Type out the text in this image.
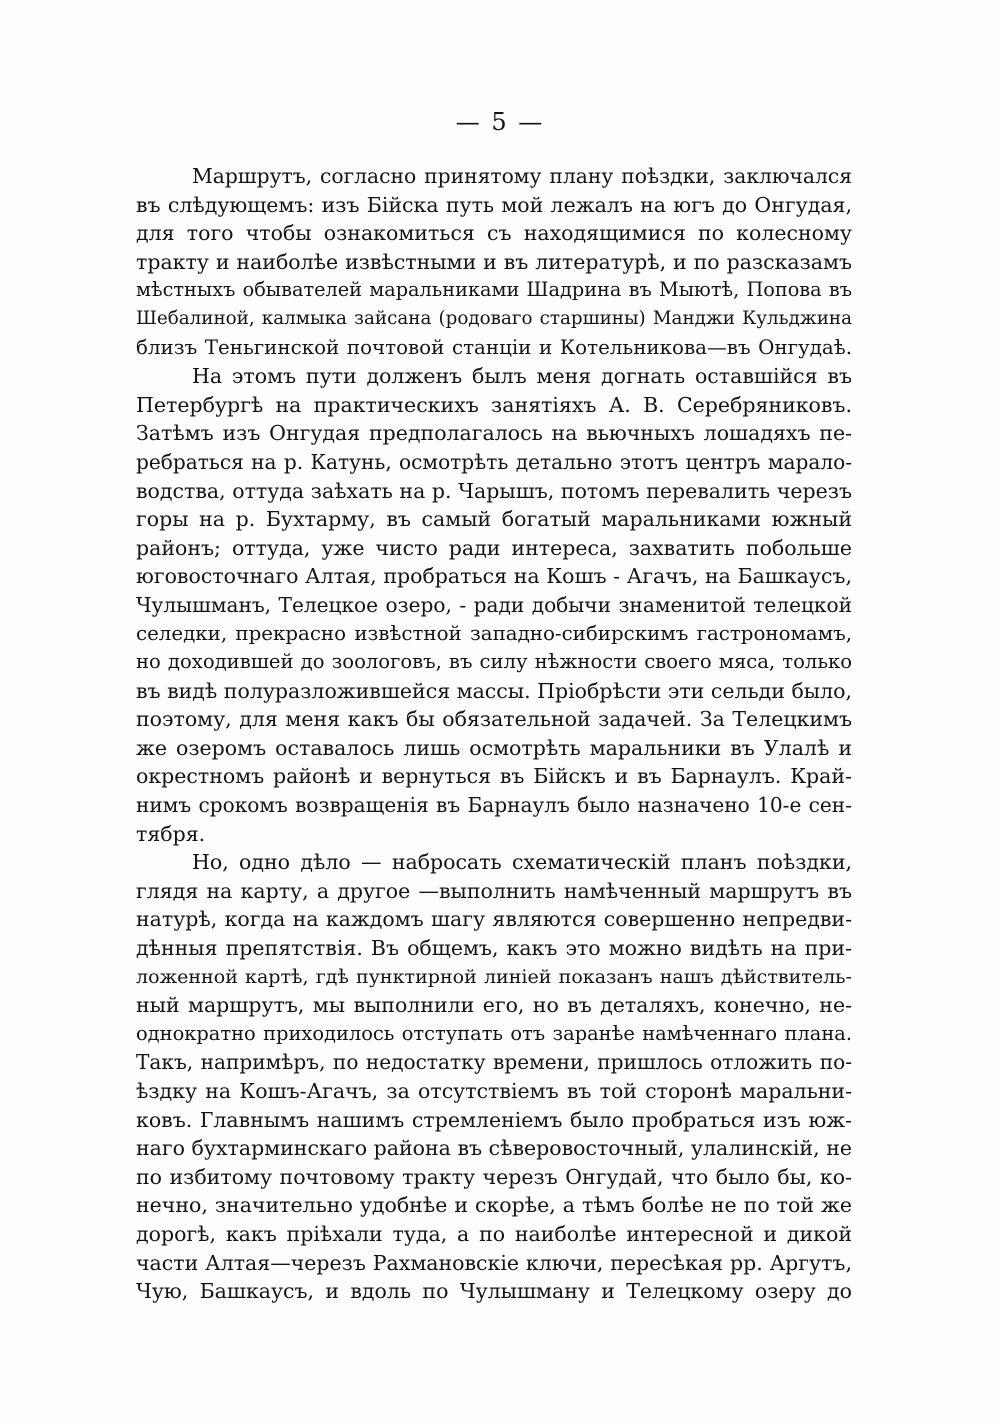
— 5 —
Маршрутъ, согласно принятому плану поѣздки, заключался
въ слѣдующемъ: изъ Бійска путь мой лежалъ на югъ до Онгудая,
для того чтобы ознакомиться съ находящимися по колесному
тракту и наиболѣе извѣстными и въ литературѣ, и по разсказамъ
мѣстныхъ обывателей маральниками Шадрина въ Мыютѣ, Попова въ
Шебалиной, калмыка зайсана (родоваго старшины) Манджи Кульджина
близъ Теньгинской почтовой станціи и Котельникова—въ Онгудаѣ.
На этомъ пути долженъ былъ меня догнать оставшійся въ
Петербургѣ на практическихъ занятіяхъ А. В. Серебряниковъ.
Затѣмъ изъ Онгудая предполагалось на вьючныхъ лошадяхъ пе-
ребраться на р. Катунь, осмотрѣть детально этотъ центръ марало-
водства, оттуда заѣхать на р. Чарышъ, потомъ перевалить черезъ
горы на р. Бухтарму, въ самый богатый маральниками южный
районъ; оттуда, уже чисто ради интереса, захватить побольше
юговосточнаго Алтая, пробраться на Кошъ - Агачъ, на Башкаусъ,
Чулышманъ, Телецкое озеро, - ради добычи знаменитой телецкой
селедки, прекрасно извѣстной западно-сибирскимъ гастрономамъ,
но доходившей до зоологовъ, въ силу нѣжности своего мяса, только
въ видѣ полуразложившейся массы. Пріобрѣсти эти сельди было,
поэтому, для меня какъ бы обязательной задачей. За Телецкимъ
же озеромъ оставалось лишь осмотрѣть маральники въ Улалѣ и
окрестномъ районѣ и вернуться въ Бійскъ и въ Барнаулъ. Край-
нимъ срокомъ возвращенія въ Барнаулъ было назначено 10-е сен-
тября.
Но, одно дѣло — набросать схематическій планъ поѣздки,
глядя на карту, а другое —выполнить намѣченный маршрутъ въ
натурѣ, когда на каждомъ шагу являются совершенно непредви-
дѣнныя препятствія. Въ общемъ, какъ это можно видѣть на при-
ложенной картѣ, гдѣ пунктирной линіей показанъ нашъ дѣйствитель-
ный маршрутъ, мы выполнили его, но въ деталяхъ, конечно, не-
однократно приходилось отступать отъ заранѣе намѣченнаго плана.
Такъ, напримѣръ, по недостатку времени, пришлось отложить по-
ѣздку на Кошъ-Агачъ, за отсутствіемъ въ той сторонѣ маральни-
ковъ. Главнымъ нашимъ стремленіемъ было пробраться изъ юж-
наго бухтарминскаго района въ сѣверовосточный, улалинскій, не
по избитому почтовому тракту черезъ Онгудай, что было бы, ко-
нечно, значительно удобнѣе и скорѣе, а тѣмъ болѣе не по той же
дорогѣ, какъ пріѣхали туда, а по наиболѣе интересной и дикой
части Алтая—черезъ Рахмановскіе ключи, пересѣкая рр. Аргутъ,
Чую, Башкаусъ, и вдоль по Чулышману и Телецкому озеру до
